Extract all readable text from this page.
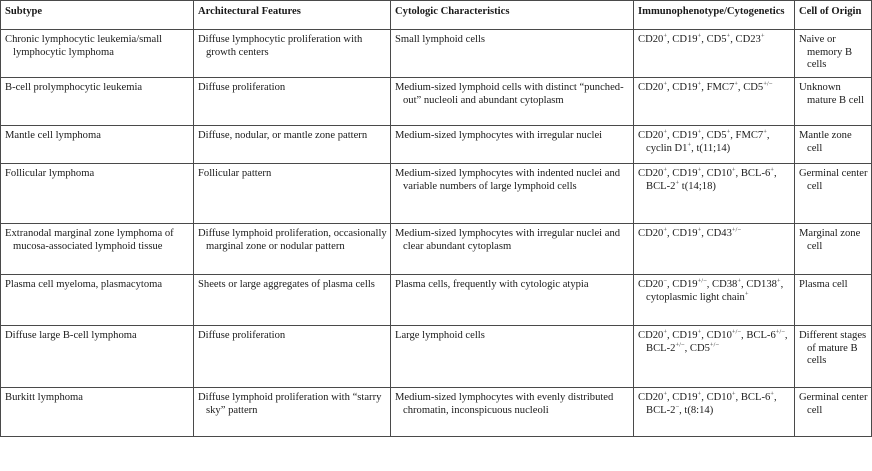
Subtype	Architectural Features	Cytologic Characteristics	Immunophenotype/Cytogenetics	Cell of Origin

Chronic lymphocytic leukemia/small lymphocytic lymphoma	Diffuse lymphocytic proliferation with growth centers	Small lymphoid cells	CD20+, CD19+, CD5+, CD23+	Naive or memory B cells

B-cell prolymphocytic leukemia	Diffuse proliferation	Medium-sized lymphoid cells with distinct “punched-out” nucleoli and abundant cytoplasm	CD20+, CD19+, FMC7+, CD5+/−	Unknown mature B cell

Mantle cell lymphoma	Diffuse, nodular, or mantle zone pattern	Medium-sized lymphocytes with irregular nuclei	CD20+, CD19+, CD5+, FMC7+, cyclin D1+, t(11;14)	Mantle zone cell

Follicular lymphoma	Follicular pattern	Medium-sized lymphocytes with indented nuclei and variable numbers of large lymphoid cells	CD20+, CD19+, CD10+, BCL-6+, BCL-2+ t(14;18)	Germinal center cell

Extranodal marginal zone lymphoma of mucosa-associated lymphoid tissue	Diffuse lymphoid proliferation, occasionally marginal zone or nodular pattern	Medium-sized lymphocytes with irregular nuclei and clear abundant cytoplasm	CD20+, CD19+, CD43+/−	Marginal zone cell

Plasma cell myeloma, plasmacytoma	Sheets or large aggregates of plasma cells	Plasma cells, frequently with cytologic atypia	CD20−, CD19+/−, CD38+, CD138+, cytoplasmic light chain+	Plasma cell

Diffuse large B-cell lymphoma	Diffuse proliferation	Large lymphoid cells	CD20+, CD19+, CD10+/−, BCL-6+/−, BCL-2+/−, CD5+/−	Different stages of mature B cells

Burkitt lymphoma	Diffuse lymphoid proliferation with “starry sky” pattern	Medium-sized lymphocytes with evenly distributed chromatin, inconspicuous nucleoli	CD20+, CD19+, CD10+, BCL-6+, BCL-2−, t(8:14)	Germinal center cell
